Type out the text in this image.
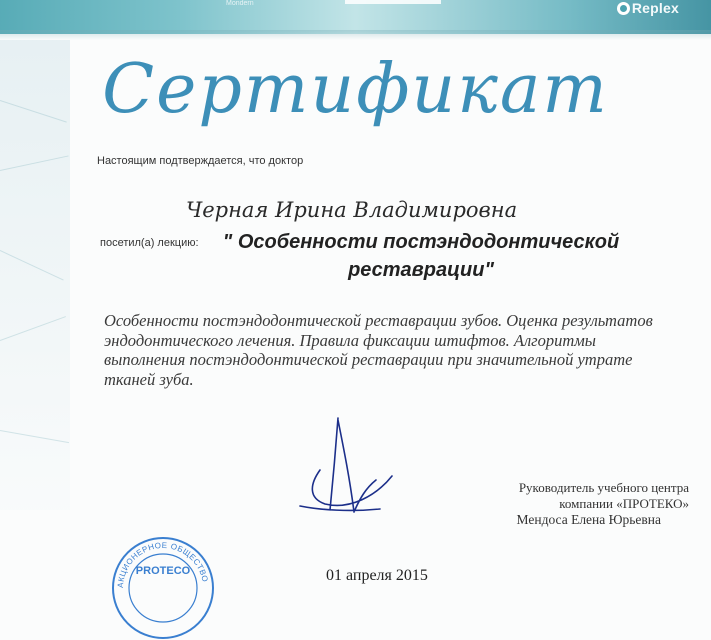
Mondern	Replex
Сертификат
Настоящим подтверждается, что доктор
Черная Ирина Владимировна
посетил(а) лекцию:	" Особенности постэндодонтической реставрации"
Особенности постэндодонтической реставрации зубов. Оценка результатов эндодонтического лечения. Правила фиксации штифтов. Алгоритмы выполнения постэндодонтической реставрации при значительной утрате тканей зуба.
Руководитель учебного центра
компании «ПРОТЕКО»
Мендоса Елена Юрьевна
АКЦИОНЕРНОЕ ОБЩЕСТВО
PROTECO	01 апреля 2015
